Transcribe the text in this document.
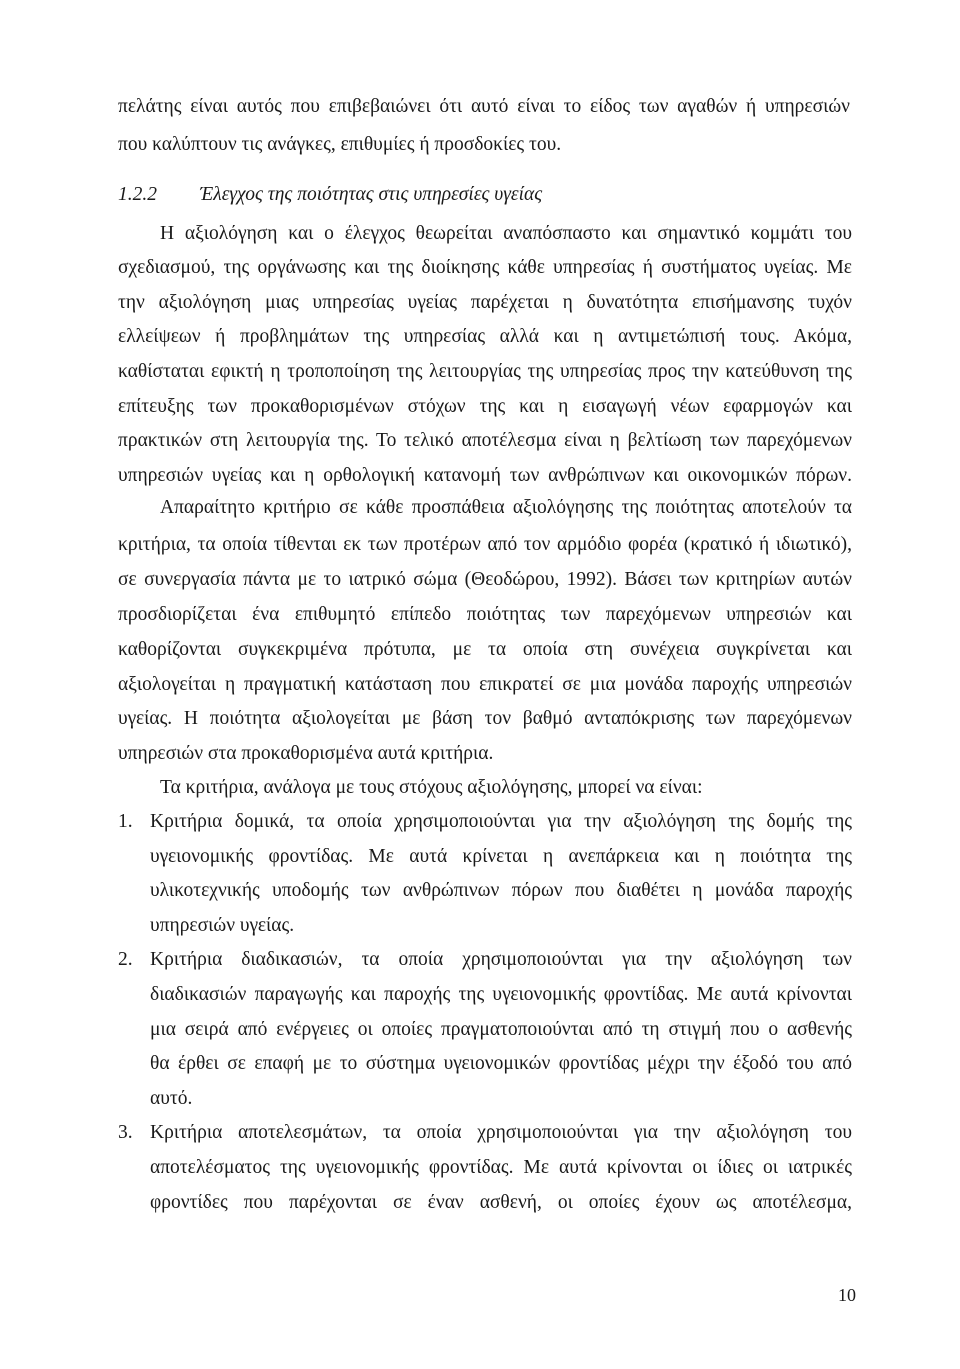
πελάτης είναι αυτός που επιβεβαιώνει ότι αυτό είναι το είδος των αγαθών ή υπηρεσιών
που καλύπτουν τις ανάγκες, επιθυμίες ή προσδοκίες του.
1.2.2 Έλεγχος της ποιότητας στις υπηρεσίες υγείας
Η αξιολόγηση και ο έλεγχος θεωρείται αναπόσπαστο και σημαντικό κομμάτι του
σχεδιασμού, της οργάνωσης και της διοίκησης κάθε υπηρεσίας ή συστήματος υγείας. Με
την αξιολόγηση μιας υπηρεσίας υγείας παρέχεται η δυνατότητα επισήμανσης τυχόν
ελλείψεων ή προβλημάτων της υπηρεσίας αλλά και η αντιμετώπισή τους. Ακόμα,
καθίσταται εφικτή η τροποποίηση της λειτουργίας της υπηρεσίας προς την κατεύθυνση της
επίτευξης των προκαθορισμένων στόχων της και η εισαγωγή νέων εφαρμογών και
πρακτικών στη λειτουργία της. Το τελικό αποτέλεσμα είναι η βελτίωση των παρεχόμενων
υπηρεσιών υγείας και η ορθολογική κατανομή των ανθρώπινων και οικονομικών πόρων.
Απαραίτητο κριτήριο σε κάθε προσπάθεια αξιολόγησης της ποιότητας αποτελούν τα
κριτήρια, τα οποία τίθενται εκ των προτέρων από τον αρμόδιο φορέα (κρατικό ή ιδιωτικό),
σε συνεργασία πάντα με το ιατρικό σώμα (Θεοδώρου, 1992). Βάσει των κριτηρίων αυτών
προσδιορίζεται ένα επιθυμητό επίπεδο ποιότητας των παρεχόμενων υπηρεσιών και
καθορίζονται συγκεκριμένα πρότυπα, με τα οποία στη συνέχεια συγκρίνεται και
αξιολογείται η πραγματική κατάσταση που επικρατεί σε μια μονάδα παροχής υπηρεσιών
υγείας. Η ποιότητα αξιολογείται με βάση τον βαθμό ανταπόκρισης των παρεχόμενων
υπηρεσιών στα προκαθορισμένα αυτά κριτήρια.
Τα κριτήρια, ανάλογα με τους στόχους αξιολόγησης, μπορεί να είναι:
1. Κριτήρια δομικά, τα οποία χρησιμοποιούνται για την αξιολόγηση της δομής της
υγειονομικής φροντίδας. Με αυτά κρίνεται η ανεπάρκεια και η ποιότητα της
υλικοτεχνικής υποδομής των ανθρώπινων πόρων που διαθέτει η μονάδα παροχής
υπηρεσιών υγείας.
2. Κριτήρια διαδικασιών, τα οποία χρησιμοποιούνται για την αξιολόγηση των
διαδικασιών παραγωγής και παροχής της υγειονομικής φροντίδας. Με αυτά κρίνονται
μια σειρά από ενέργειες οι οποίες πραγματοποιούνται από τη στιγμή που ο ασθενής
θα έρθει σε επαφή με το σύστημα υγειονομικών φροντίδας μέχρι την έξοδό του από
αυτό.
3. Κριτήρια αποτελεσμάτων, τα οποία χρησιμοποιούνται για την αξιολόγηση του
αποτελέσματος της υγειονομικής φροντίδας. Με αυτά κρίνονται οι ίδιες οι ιατρικές
φροντίδες που παρέχονται σε έναν ασθενή, οι οποίες έχουν ως αποτέλεσμα,
10
